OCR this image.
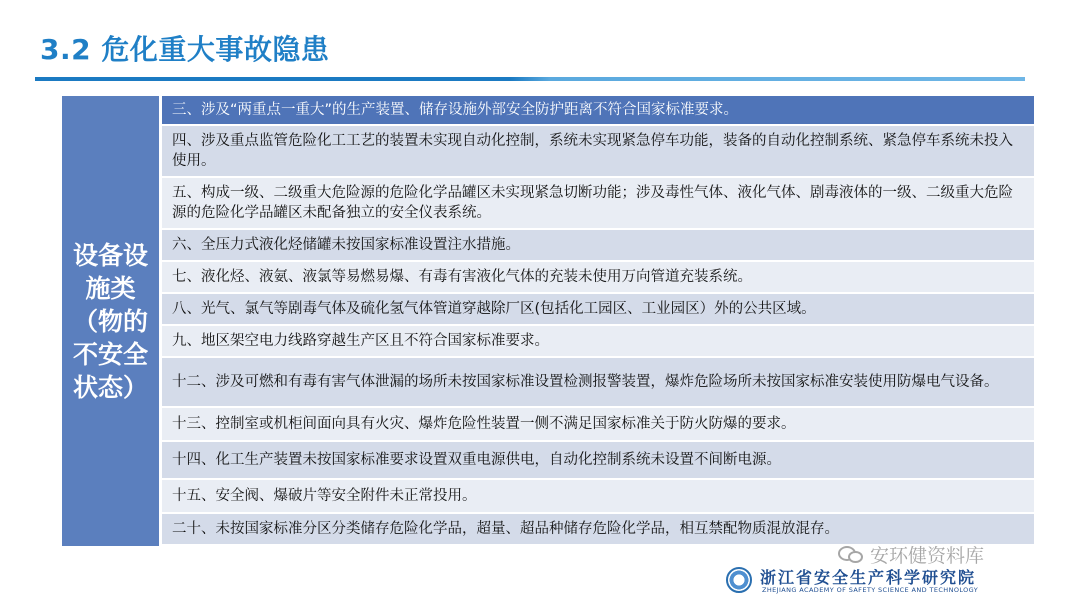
3.2 危化重大事故隐患
设备设施类（物的不安全状态）
三、涉及“两重点一重大”的生产装置、储存设施外部安全防护距离不符合国家标准要求。
四、涉及重点监管危险化工工艺的装置未实现自动化控制，系统未实现紧急停车功能，装备的自动化控制系统、紧急停车系统未投入使用。
五、构成一级、二级重大危险源的危险化学品罐区未实现紧急切断功能；涉及毒性气体、液化气体、剧毒液体的一级、二级重大危险源的危险化学品罐区未配备独立的安全仪表系统。
六、全压力式液化烃储罐未按国家标准设置注水措施。
七、液化烃、液氨、液氯等易燃易爆、有毒有害液化气体的充装未使用万向管道充装系统。
八、光气、氯气等剧毒气体及硫化氢气体管道穿越除厂区(包括化工园区、工业园区）外的公共区域。
九、地区架空电力线路穿越生产区且不符合国家标准要求。
十二、涉及可燃和有毒有害气体泄漏的场所未按国家标准设置检测报警装置，爆炸危险场所未按国家标准安装使用防爆电气设备。
十三、控制室或机柜间面向具有火灾、爆炸危险性装置一侧不满足国家标准关于防火防爆的要求。
十四、化工生产装置未按国家标准要求设置双重电源供电，自动化控制系统未设置不间断电源。
十五、安全阀、爆破片等安全附件未正常投用。
二十、未按国家标准分区分类储存危险化学品，超量、超品种储存危险化学品，相互禁配物质混放混存。
安环健资料库
浙江省安全生产科学研究院
ZHEJIANG ACADEMY OF SAFETY SCIENCE AND TECHNOLOGY
